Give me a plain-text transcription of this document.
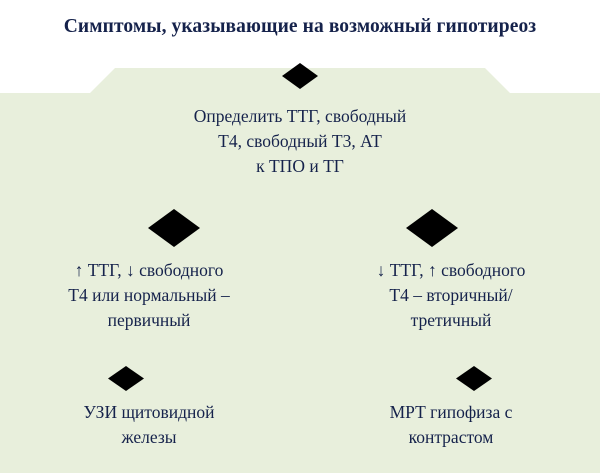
Симптомы, указывающие на возможный гипотиреоз
Определить ТТГ, свободный
Т4, свободный Т3, АТ
к ТПО и ТГ
↑ ТТГ, ↓ свободного
Т4 или нормальный –
первичный
↓ ТТГ, ↑ свободного
Т4 – вторичный/
третичный
УЗИ щитовидной
железы
МРТ гипофиза с
контрастом
